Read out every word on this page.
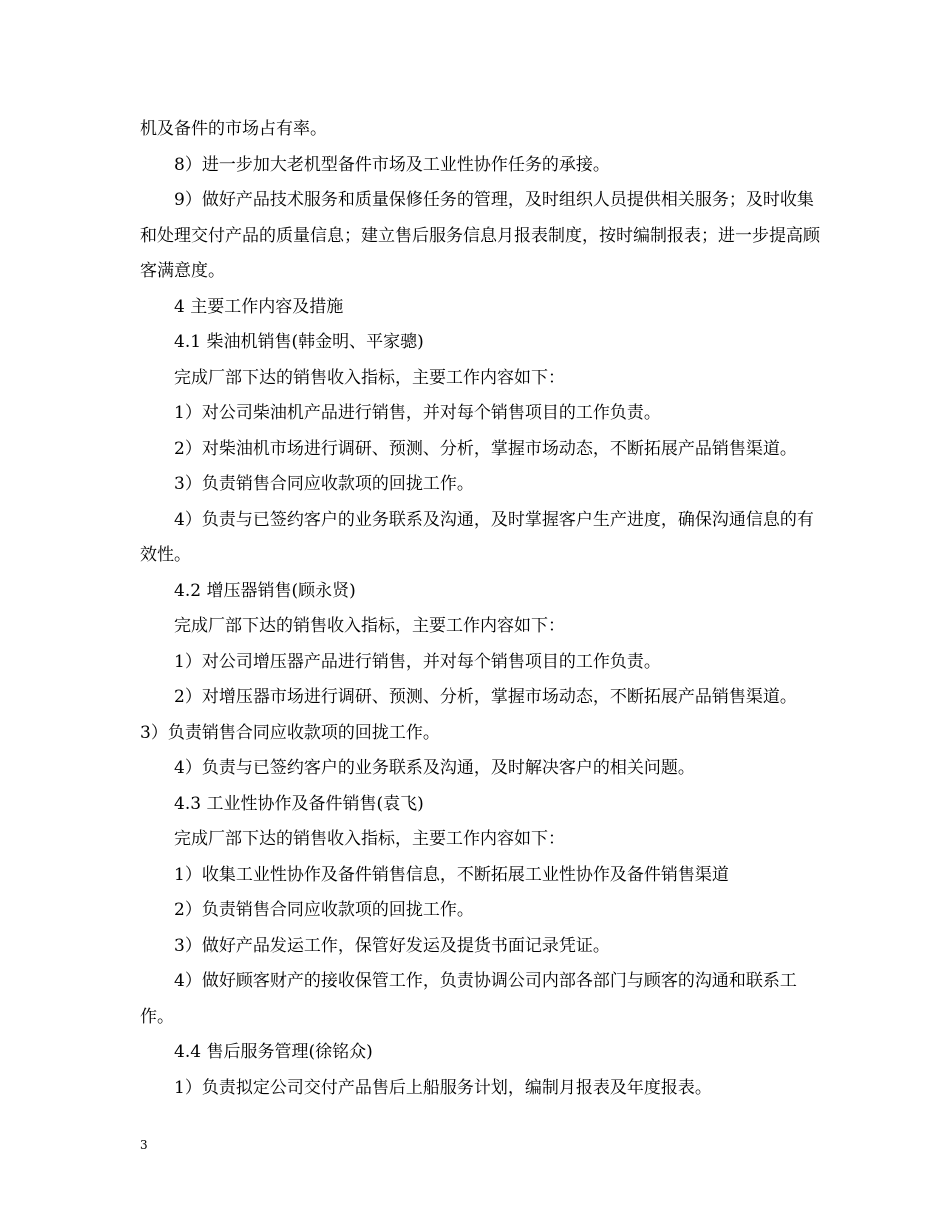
机及备件的市场占有率。

8）进一步加大老机型备件市场及工业性协作任务的承接。

9）做好产品技术服务和质量保修任务的管理，及时组织人员提供相关服务；及时收集和处理交付产品的质量信息；建立售后服务信息月报表制度，按时编制报表；进一步提高顾客满意度。

4 主要工作内容及措施

4.1 柴油机销售(韩金明、平家骢)

完成厂部下达的销售收入指标，主要工作内容如下：

1）对公司柴油机产品进行销售，并对每个销售项目的工作负责。

2）对柴油机市场进行调研、预测、分析，掌握市场动态，不断拓展产品销售渠道。

3）负责销售合同应收款项的回拢工作。

4）负责与已签约客户的业务联系及沟通，及时掌握客户生产进度，确保沟通信息的有效性。

4.2 增压器销售(顾永贤)

完成厂部下达的销售收入指标，主要工作内容如下：

1）对公司增压器产品进行销售，并对每个销售项目的工作负责。

2）对增压器市场进行调研、预测、分析，掌握市场动态，不断拓展产品销售渠道。 3）负责销售合同应收款项的回拢工作。

4）负责与已签约客户的业务联系及沟通，及时解决客户的相关问题。

4.3 工业性协作及备件销售(袁飞)

完成厂部下达的销售收入指标，主要工作内容如下：

1）收集工业性协作及备件销售信息，不断拓展工业性协作及备件销售渠道

2）负责销售合同应收款项的回拢工作。

3）做好产品发运工作，保管好发运及提货书面记录凭证。

4）做好顾客财产的接收保管工作，负责协调公司内部各部门与顾客的沟通和联系工作。

4.4 售后服务管理(徐铭众)

1）负责拟定公司交付产品售后上船服务计划，编制月报表及年度报表。

3
